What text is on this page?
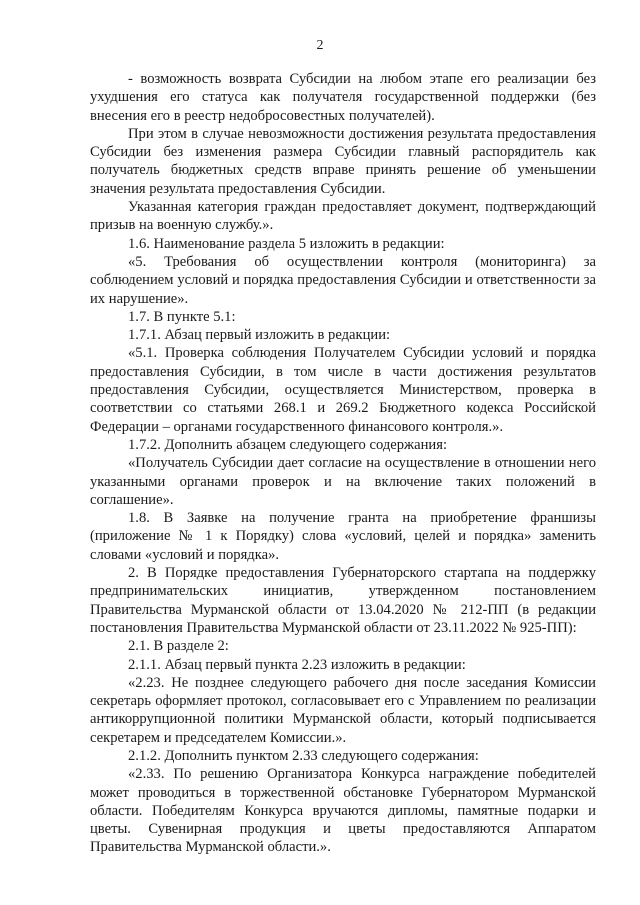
2

- возможность возврата Субсидии на любом этапе его реализации без ухудшения его статуса как получателя государственной поддержки (без внесения его в реестр недобросовестных получателей).

При этом в случае невозможности достижения результата предоставления Субсидии без изменения размера Субсидии главный распорядитель как получатель бюджетных средств вправе принять решение об уменьшении значения результата предоставления Субсидии.

Указанная категория граждан предоставляет документ, подтверждающий призыв на военную службу.».

1.6. Наименование раздела 5 изложить в редакции:

«5. Требования об осуществлении контроля (мониторинга) за соблюдением условий и порядка предоставления Субсидии и ответственности за их нарушение».

1.7. В пункте 5.1:

1.7.1. Абзац первый изложить в редакции:

«5.1. Проверка соблюдения Получателем Субсидии условий и порядка предоставления Субсидии, в том числе в части достижения результатов предоставления Субсидии, осуществляется Министерством, проверка в соответствии со статьями 268.1 и 269.2 Бюджетного кодекса Российской Федерации – органами государственного финансового контроля.».

1.7.2. Дополнить абзацем следующего содержания:

«Получатель Субсидии дает согласие на осуществление в отношении него указанными органами проверок и на включение таких положений в соглашение».

1.8. В Заявке на получение гранта на приобретение франшизы (приложение № 1 к Порядку) слова «условий, целей и порядка» заменить словами «условий и порядка».

2. В Порядке предоставления Губернаторского стартапа на поддержку предпринимательских инициатив, утвержденном постановлением Правительства Мурманской области от 13.04.2020 № 212-ПП (в редакции постановления Правительства Мурманской области от 23.11.2022 № 925-ПП):

2.1. В разделе 2:

2.1.1. Абзац первый пункта 2.23 изложить в редакции:

«2.23. Не позднее следующего рабочего дня после заседания Комиссии секретарь оформляет протокол, согласовывает его с Управлением по реализации антикоррупционной политики Мурманской области, который подписывается секретарем и председателем Комиссии.».

2.1.2. Дополнить пунктом 2.33 следующего содержания:

«2.33. По решению Организатора Конкурса награждение победителей может проводиться в торжественной обстановке Губернатором Мурманской области. Победителям Конкурса вручаются дипломы, памятные подарки и цветы. Сувенирная продукция и цветы предоставляются Аппаратом Правительства Мурманской области.».
